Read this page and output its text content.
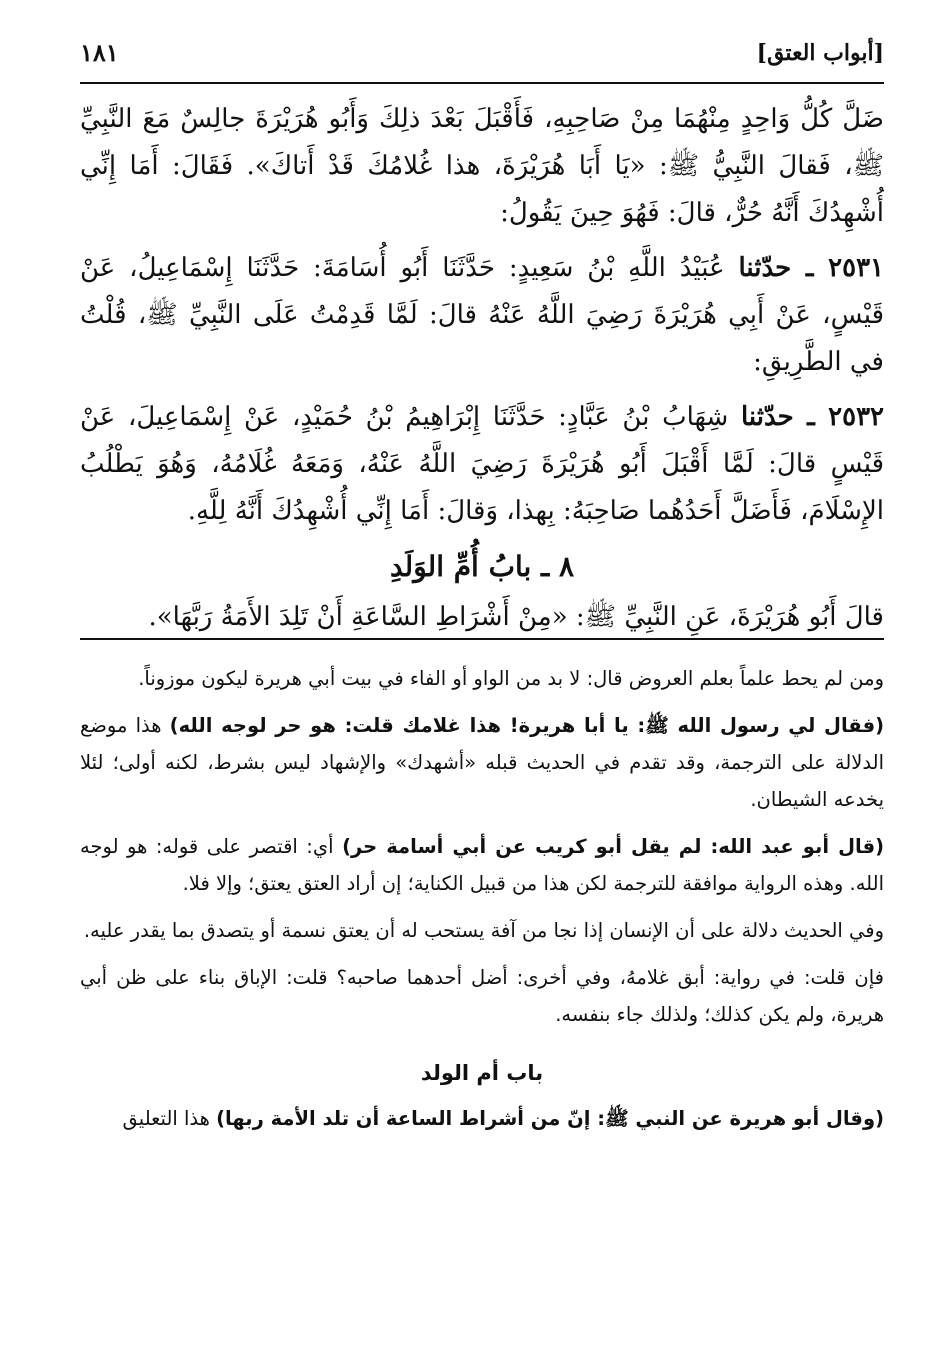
[أبواب العتق]
١٨١

ضَلَّ كُلُّ وَاحِدٍ مِنْهُمَا مِنْ صَاحِبِهِ، فَأَقْبَلَ بَعْدَ ذلِكَ وَأَبُو هُرَيْرَةَ جالِسٌ مَعَ النَّبِيِّ ﷺ، فَقالَ النَّبِيُّ ﷺ: «يَا أَبَا هُرَيْرَةَ، هذا غُلامُكَ قَدْ أَتاكَ». فَقَالَ: أَمَا إِنِّي أُشْهِدُكَ أَنَّهُ حُرٌّ، قالَ: فَهُوَ حِينَ يَقُولُ:

٢٥٣١ ـ حدّثنا عُبَيْدُ اللَّهِ بْنُ سَعِيدٍ: حَدَّثَنَا أَبُو أُسَامَةَ: حَدَّثَنَا إِسْمَاعِيلُ، عَنْ قَيْسٍ، عَنْ أَبِي هُرَيْرَةَ رَضِيَ اللَّهُ عَنْهُ قالَ: لَمَّا قَدِمْتُ عَلَى النَّبِيِّ ﷺ، قُلْتُ في الطَّرِيقِ:

٢٥٣٢ ـ حدّثنا شِهَابُ بْنُ عَبَّادٍ: حَدَّثَنَا إِبْرَاهِيمُ بْنُ حُمَيْدٍ، عَنْ إِسْمَاعِيلَ، عَنْ قَيْسٍ قالَ: لَمَّا أَقْبَلَ أَبُو هُرَيْرَةَ رَضِيَ اللَّهُ عَنْهُ، وَمَعَهُ غُلَامُهُ، وَهُوَ يَطْلُبُ الإِسْلَامَ، فَأَضَلَّ أَحَدُهُما صَاحِبَهُ: بِهذا، وَقالَ: أَمَا إِنِّي أُشْهِدُكَ أَنَّهُ لِلَّهِ.

٨ ـ بابُ أُمِّ الوَلَدِ

قالَ أَبُو هُرَيْرَةَ، عَنِ النَّبِيِّ ﷺ: «مِنْ أَشْرَاطِ السَّاعَةِ أَنْ تَلِدَ الأَمَةُ رَبَّهَا».

ومن لم يحط علماً بعلم العروض قال: لا بد من الواو أو الفاء في بيت أبي هريرة ليكون موزوناً.

(فقال لي رسول الله ﷺ: يا أبا هريرة! هذا غلامك قلت: هو حر لوجه الله) هذا موضع الدلالة على الترجمة، وقد تقدم في الحديث قبله «أشهدك» والإشهاد ليس بشرط، لكنه أولى؛ لئلا يخدعه الشيطان.

(قال أبو عبد الله: لم يقل أبو كريب عن أبي أسامة حر) أي: اقتصر على قوله: هو لوجه الله. وهذه الرواية موافقة للترجمة لكن هذا من قبيل الكناية؛ إن أراد العتق يعتق؛ وإلا فلا.

وفي الحديث دلالة على أن الإنسان إذا نجا من آفة يستحب له أن يعتق نسمة أو يتصدق بما يقدر عليه.

فإن قلت: في رواية: أبق غلامهُ، وفي أخرى: أضل أحدهما صاحبه؟ قلت: الإباق بناء على ظن أبي هريرة، ولم يكن كذلك؛ ولذلك جاء بنفسه.

باب أم الولد

(وقال أبو هريرة عن النبي ﷺ: إنّ من أشراط الساعة أن تلد الأمة ربها) هذا التعليق
